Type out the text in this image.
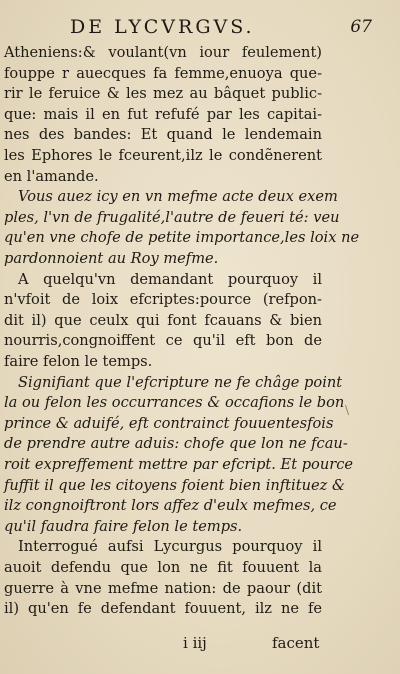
DE LYCVRGVS.	67
Atheniens:& voulant(vn iour feulement)
fouppe r auecques fa femme,enuoya que-
rir le feruice & les mez au bâquet public-
que: mais il en fut refufé par les capitai-
nes des bandes: Et quand le lendemain
les Ephores le fceurent,ilz le condẽnerent
en l'amande.
Vous auez icy en vn mefme acte deux exem
ples, l'vn de frugalité,l'autre de feueri té: veu
qu'en vne chofe de petite importance,les loix ne
pardonnoient au Roy mefme.
A quelqu'vn demandant pourquoy il
n'vfoit de loix efcriptes:pource (refpon-
dit il) que ceulx qui font fcauans & bien
nourris,congnoiffent ce qu'il eft bon de
faire felon le temps.
Signifiant que l'efcripture ne fe châge point
la ou felon les occurrances & occafions le bon
prince & aduifé, eft contrainct fouuentesfois
de prendre autre aduis: chofe que lon ne fcau-
roit expreffement mettre par efcript. Et pource
fuffit il que les citoyens foient bien inftituez &
ilz congnoiftront lors affez d'eulx mefmes, ce
qu'il faudra faire felon le temps.
Interrogué aufsi Lycurgus pourquoy il
auoit defendu que lon ne fit fouuent la
guerre à vne mefme nation: de paour (dit
il) qu'en fe defendant fouuent, ilz ne fe
\
i iij	facent
